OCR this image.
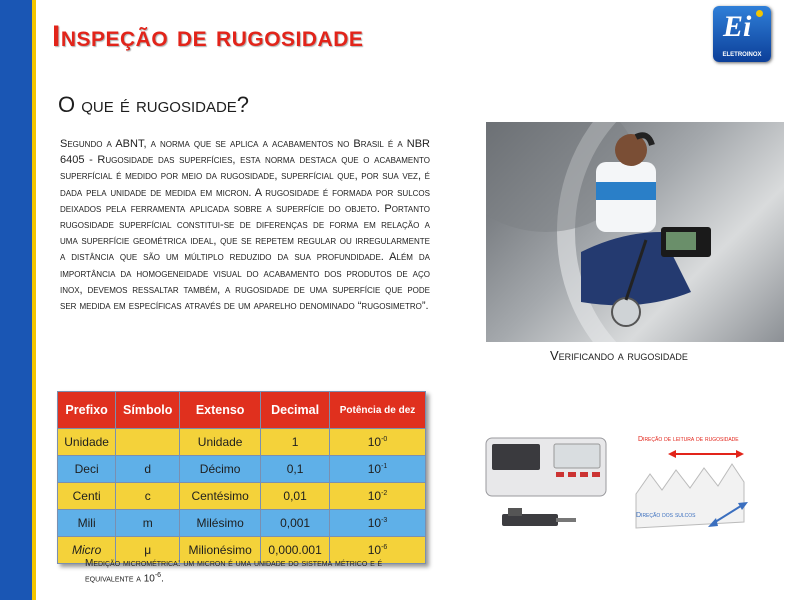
Inspeção de rugosidade	Ei
ELETROINOX
O que é rugosidade?
Segundo a ABNT, a norma que se aplica a acabamentos no Brasil é a NBR 6405 - Rugosidade das superfícies, esta norma destaca que o acabamento superfícial é medido por meio da rugosidade, superfícial que, por sua vez, é dada pela unidade de medida em micron. A rugosidade é formada por sulcos deixados pela ferramenta aplicada sobre a superfície do objeto. Portanto rugosidade superfícial constitui-se de diferenças de forma em relação a uma superfície geométrica ideal, que se repetem regular ou irregularmente a distância que são um múltiplo reduzido da sua profundidade. Além da importância da homogeneidade visual do acabamento dos produtos de aço inox, devemos ressaltar também, a rugosidade de uma superfície que pode ser medida em específicas através de um aparelho denominado “rugosimetro”.
Verificando a rugosidade
Prefixo	Símbolo	Extenso	Decimal	Potência de dez
Unidade		Unidade	1	$10^{-0}$
Deci	d	Décimo	0,1	$10^{-1}$
Centi	c	Centésimo	0,01	$10^{-2}$
Mili	m	Milésimo	0,001	$10^{-3}$
Micro	μ	Milionésimo	0,000.001	$10^{-6}$
Medição micrométrica: um micron é uma unidade do sistema métrico e é equivalente a $10^{-6}$.
Direção de leitura de rugosidade
Direção dos sulcos
